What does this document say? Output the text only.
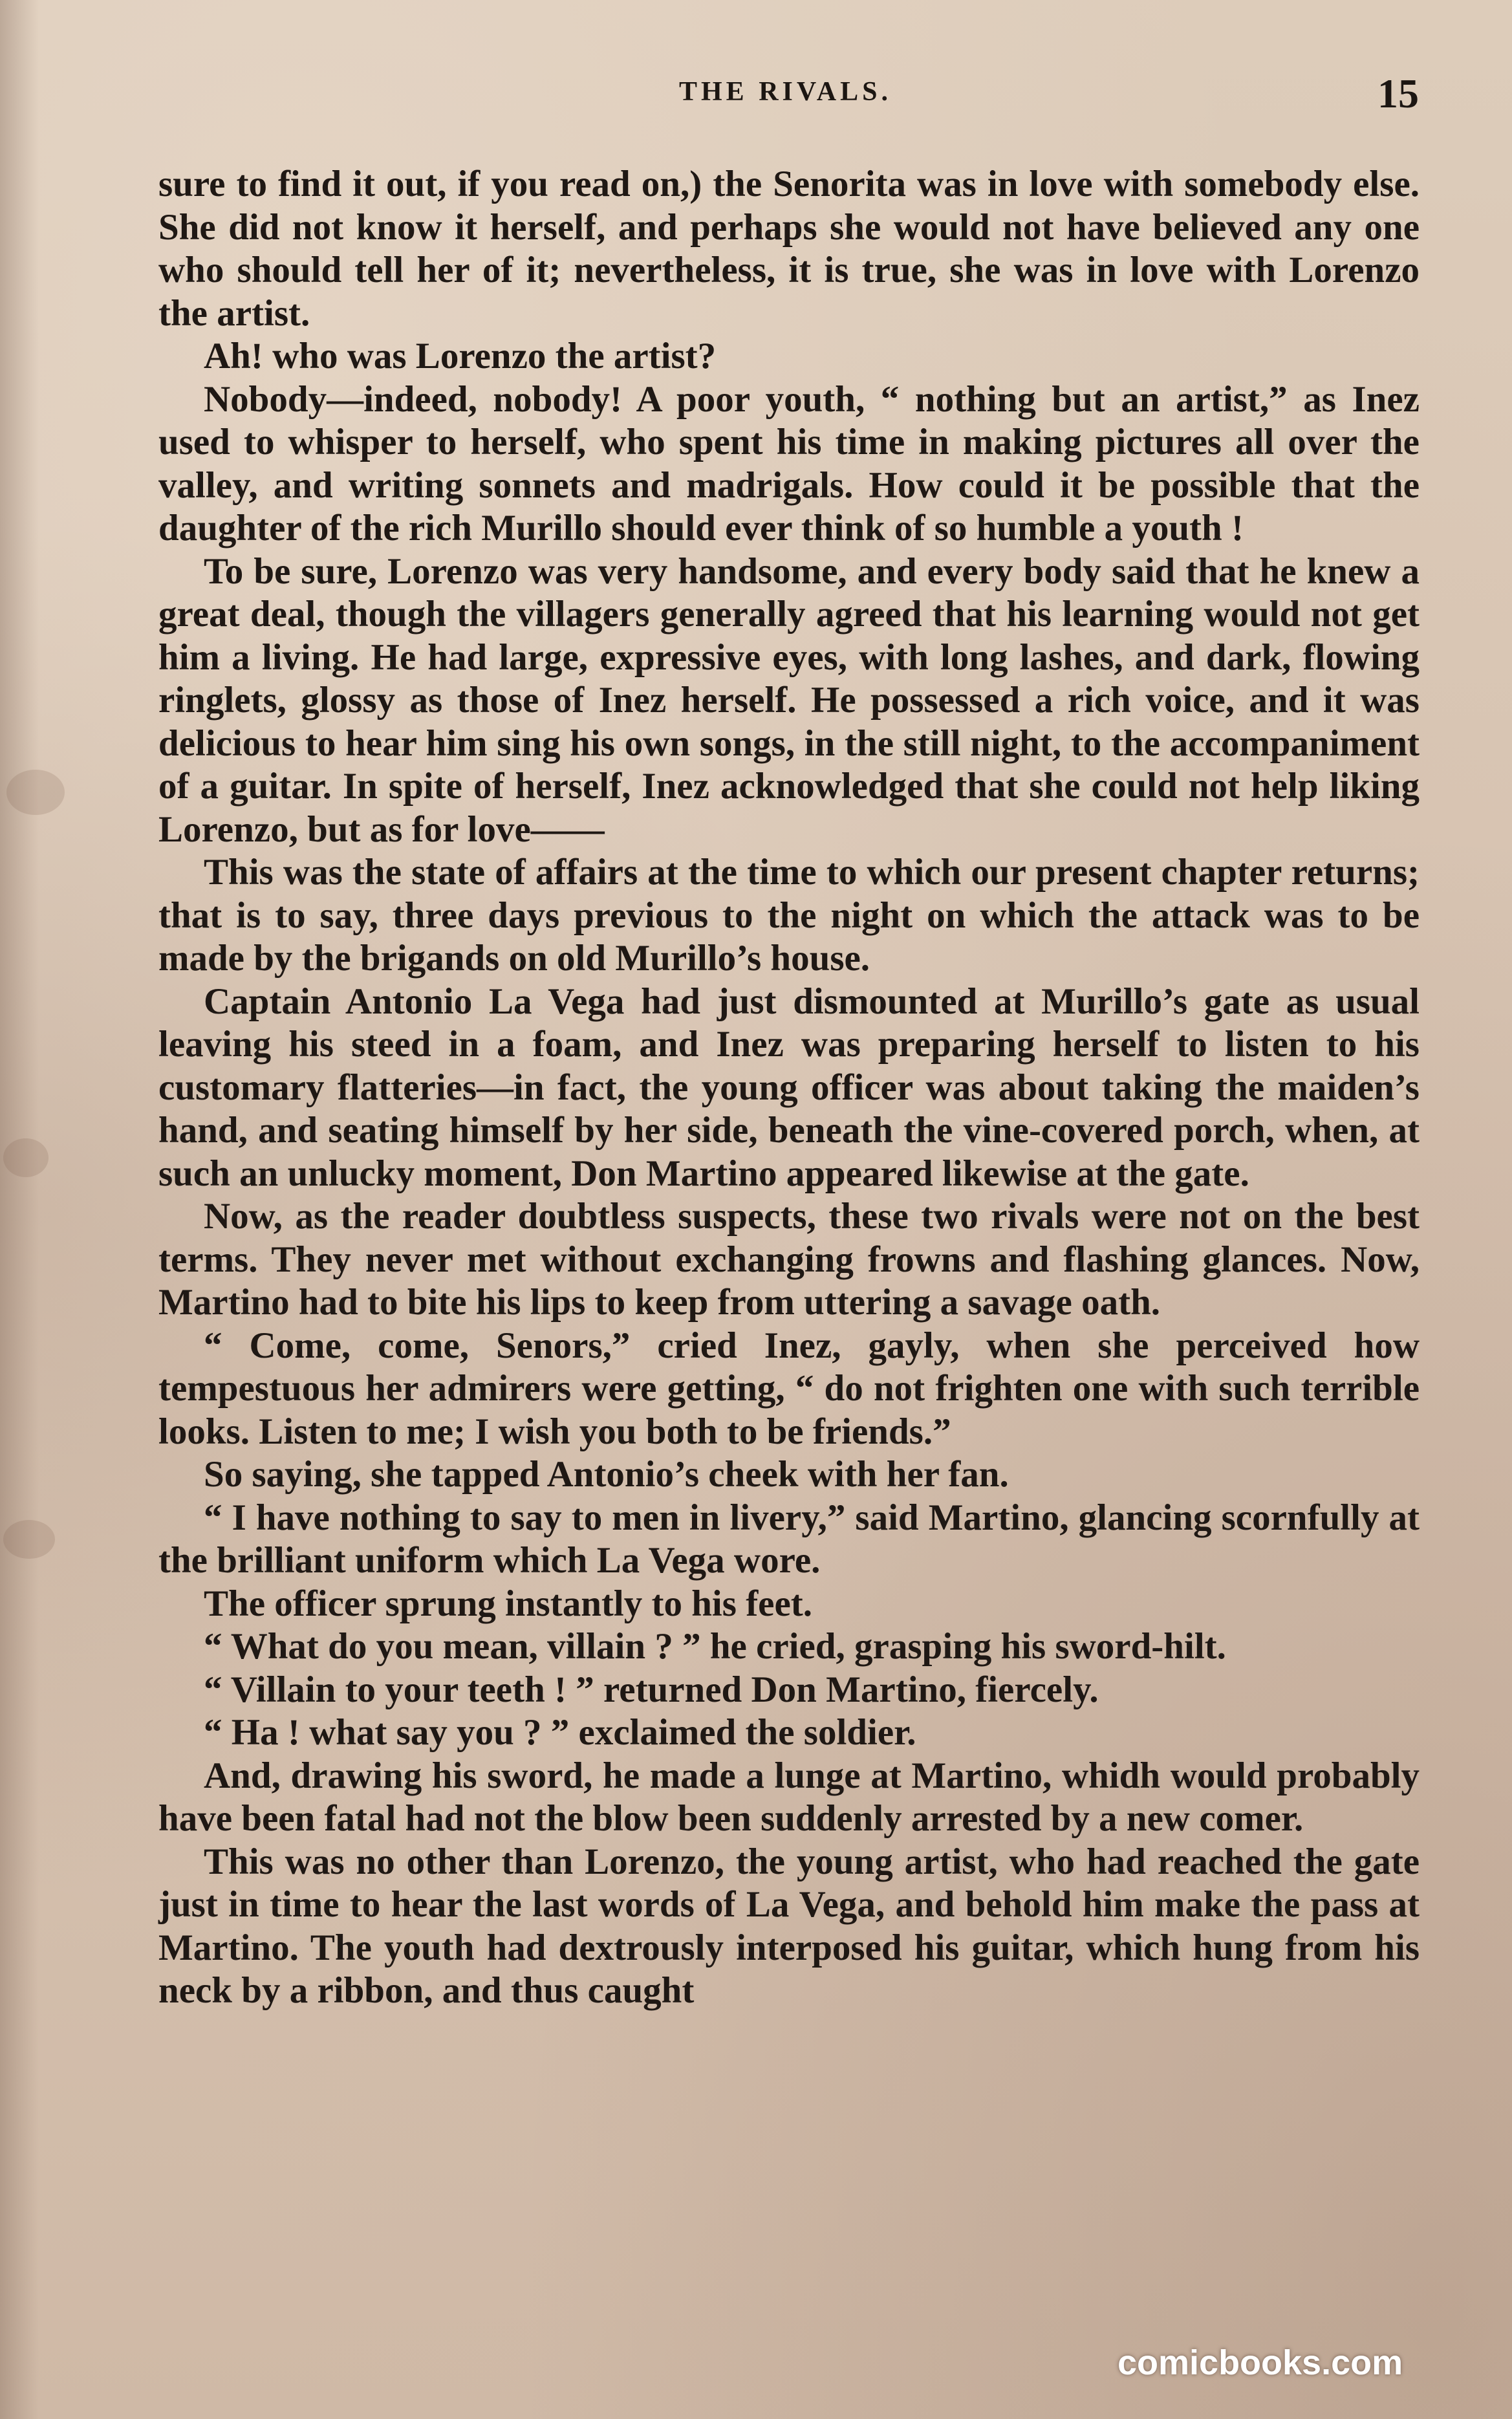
THE RIVALS.	15

sure to find it out, if you read on,) the Senorita was in love with somebody else. She did not know it herself, and perhaps she would not have believed any one who should tell her of it; nevertheless, it is true, she was in love with Lorenzo the artist.

Ah! who was Lorenzo the artist?

Nobody—indeed, nobody! A poor youth, “ nothing but an artist,” as Inez used to whisper to herself, who spent his time in making pictures all over the valley, and writing sonnets and madrigals. How could it be possible that the daughter of the rich Murillo should ever think of so humble a youth !

To be sure, Lorenzo was very handsome, and every body said that he knew a great deal, though the villagers generally agreed that his learning would not get him a living. He had large, expressive eyes, with long lashes, and dark, flowing ringlets, glossy as those of Inez herself. He possessed a rich voice, and it was delicious to hear him sing his own songs, in the still night, to the accompaniment of a guitar. In spite of herself, Inez acknowledged that she could not help liking Lorenzo, but as for love——

This was the state of affairs at the time to which our present chapter returns; that is to say, three days previous to the night on which the attack was to be made by the brigands on old Murillo’s house.

Captain Antonio La Vega had just dismounted at Murillo’s gate as usual leaving his steed in a foam, and Inez was preparing herself to listen to his customary flatteries—in fact, the young officer was about taking the maiden’s hand, and seating himself by her side, beneath the vine-covered porch, when, at such an unlucky moment, Don Martino appeared likewise at the gate.

Now, as the reader doubtless suspects, these two rivals were not on the best terms. They never met without exchanging frowns and flashing glances. Now, Martino had to bite his lips to keep from uttering a savage oath.

“ Come, come, Senors,” cried Inez, gayly, when she perceived how tempestuous her admirers were getting, “ do not frighten one with such terrible looks. Listen to me; I wish you both to be friends.”

So saying, she tapped Antonio’s cheek with her fan.

“ I have nothing to say to men in livery,” said Martino, glancing scornfully at the brilliant uniform which La Vega wore.

The officer sprung instantly to his feet.

“ What do you mean, villain ? ” he cried, grasping his sword-hilt.

“ Villain to your teeth ! ” returned Don Martino, fiercely.

“ Ha ! what say you ? ” exclaimed the soldier.

And, drawing his sword, he made a lunge at Martino, whidh would probably have been fatal had not the blow been suddenly arrested by a new comer.

This was no other than Lorenzo, the young artist, who had reached the gate just in time to hear the last words of La Vega, and behold him make the pass at Martino. The youth had dextrously interposed his guitar, which hung from his neck by a ribbon, and thus caught

comicbooks.com
